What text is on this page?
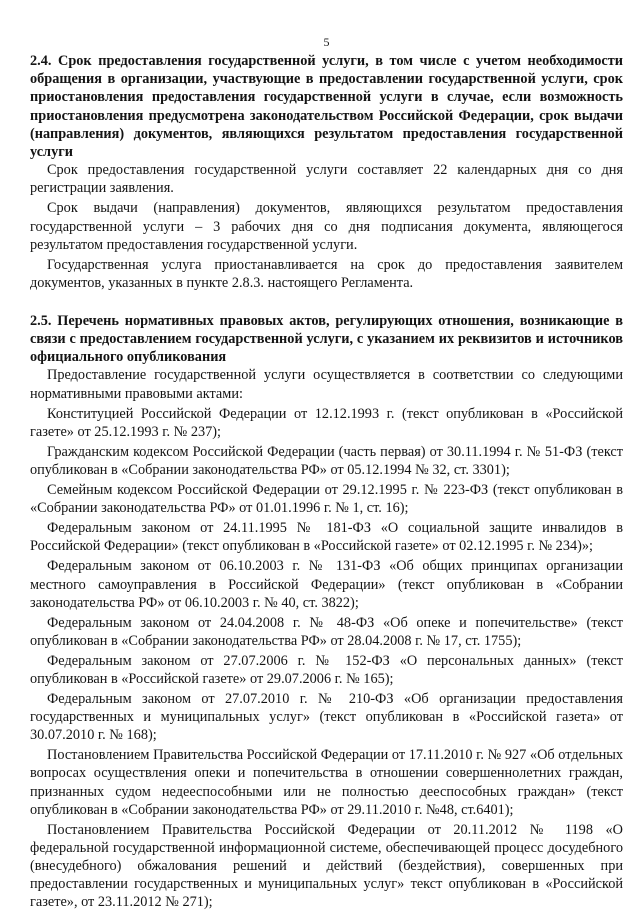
5

2.4. Срок предоставления государственной услуги, в том числе с учетом необходимости обращения в организации, участвующие в предоставлении государственной услуги, срок приостановления предоставления государственной услуги в случае, если возможность приостановления предусмотрена законодательством Российской Федерации, срок выдачи (направления) документов, являющихся результатом предоставления государственной услуги

Срок предоставления государственной услуги составляет 22 календарных дня со дня регистрации заявления.

Срок выдачи (направления) документов, являющихся результатом предоставления государственной услуги – 3 рабочих дня со дня подписания документа, являющегося результатом предоставления государственной услуги.

Государственная услуга приостанавливается на срок до предоставления заявителем документов, указанных в пункте 2.8.3. настоящего Регламента.

2.5. Перечень нормативных правовых актов, регулирующих отношения, возникающие в связи с предоставлением государственной услуги, с указанием их реквизитов и источников официального опубликования

Предоставление государственной услуги осуществляется в соответствии со следующими нормативными правовыми актами:

Конституцией Российской Федерации от 12.12.1993 г. (текст опубликован в «Российской газете» от 25.12.1993 г. № 237);

Гражданским кодексом Российской Федерации (часть первая) от 30.11.1994 г. № 51-ФЗ (текст опубликован в «Собрании законодательства РФ» от 05.12.1994 № 32, ст. 3301);

Семейным кодексом Российской Федерации от 29.12.1995 г. № 223-ФЗ (текст опубликован в «Собрании законодательства РФ» от 01.01.1996 г. № 1, ст. 16);

Федеральным законом от 24.11.1995 № 181-ФЗ «О социальной защите инвалидов в Российской Федерации» (текст опубликован в «Российской газете» от 02.12.1995 г. № 234)»;

Федеральным законом от 06.10.2003 г. № 131-ФЗ «Об общих принципах организации местного самоуправления в Российской Федерации» (текст опубликован в «Собрании законодательства РФ» от 06.10.2003 г. № 40, ст. 3822);

Федеральным законом от 24.04.2008 г. № 48-ФЗ «Об опеке и попечительстве» (текст опубликован в «Собрании законодательства РФ» от 28.04.2008 г. № 17, ст. 1755);

Федеральным законом от 27.07.2006 г. № 152-ФЗ «О персональных данных» (текст опубликован в «Российской газете» от 29.07.2006 г. № 165);

Федеральным законом от 27.07.2010 г. № 210-ФЗ «Об организации предоставления государственных и муниципальных услуг» (текст опубликован в «Российской газета» от 30.07.2010 г. № 168);

Постановлением Правительства Российской Федерации от 17.11.2010 г. № 927 «Об отдельных вопросах осуществления опеки и попечительства в отношении совершеннолетних граждан, признанных судом недееспособными или не полностью дееспособных граждан» (текст опубликован в «Собрании законодательства РФ» от 29.11.2010 г. №48, ст.6401);

Постановлением Правительства Российской Федерации от 20.11.2012 № 1198 «О федеральной государственной информационной системе, обеспечивающей процесс досудебного (внесудебного) обжалования решений и действий (бездействия), совершенных при предоставлении государственных и муниципальных услуг» текст опубликован в «Российской газете», от 23.11.2012 № 271);
